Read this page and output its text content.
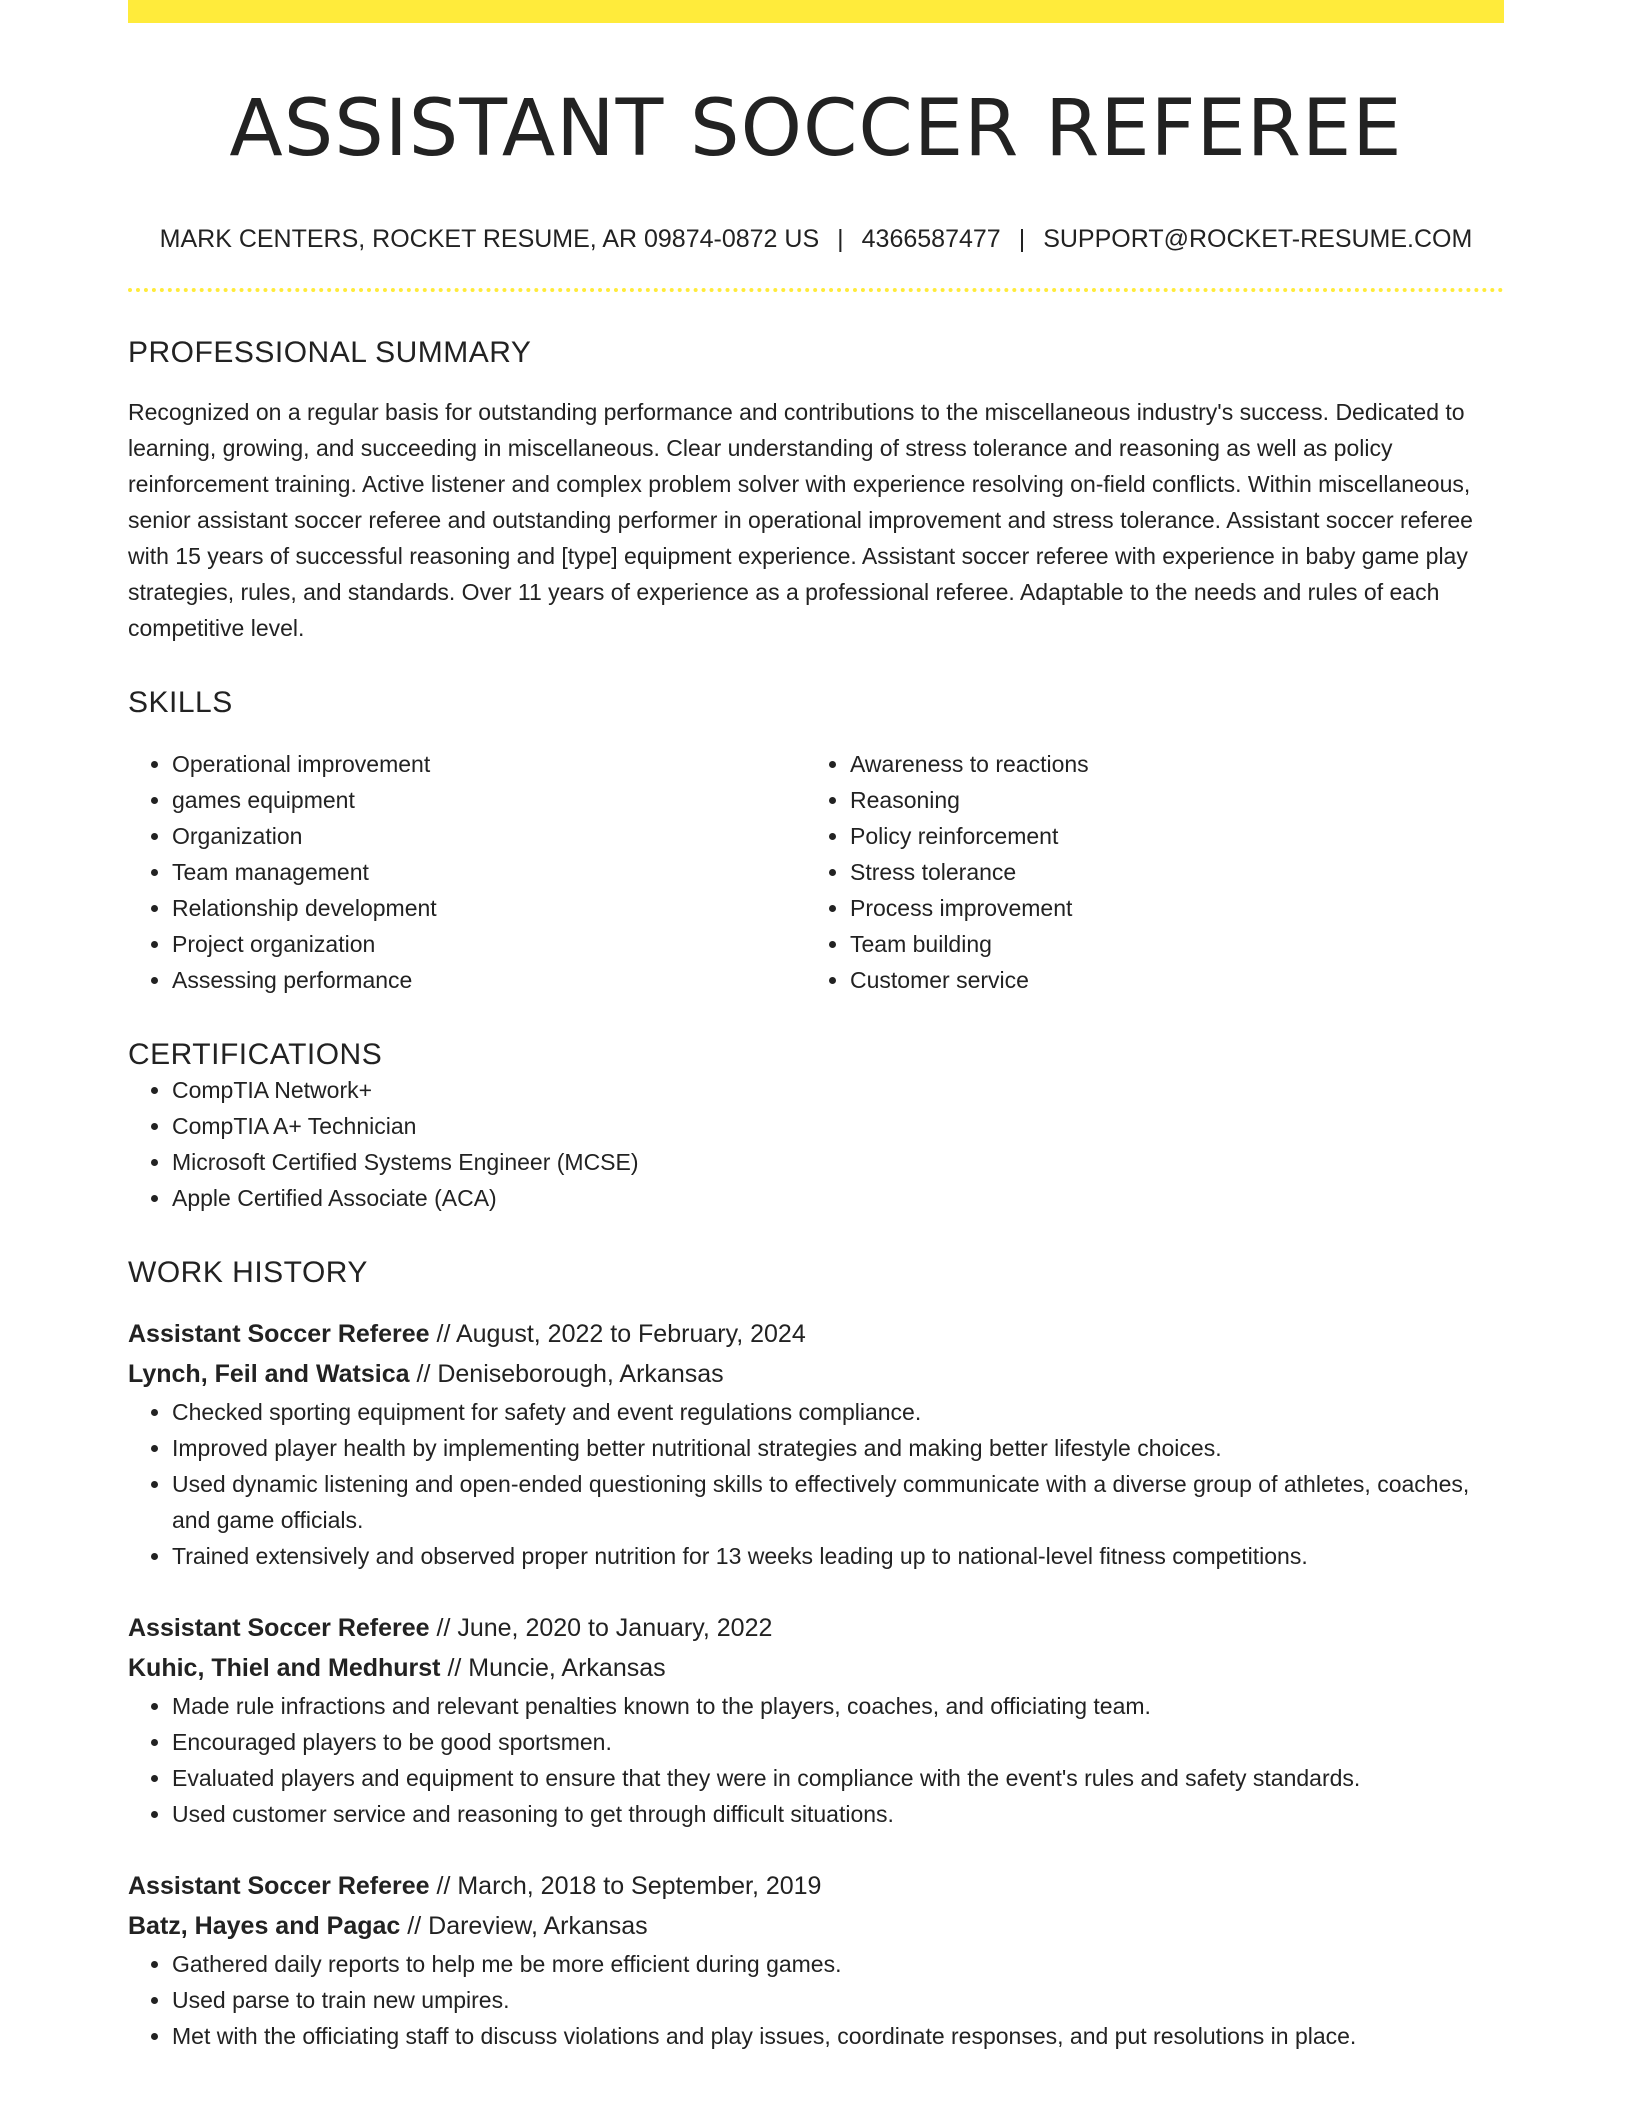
ASSISTANT SOCCER REFEREE
MARK CENTERS, ROCKET RESUME, AR 09874-0872 US | 4366587477 | SUPPORT@ROCKET-RESUME.COM
PROFESSIONAL SUMMARY
Recognized on a regular basis for outstanding performance and contributions to the miscellaneous industry's success. Dedicated to learning, growing, and succeeding in miscellaneous. Clear understanding of stress tolerance and reasoning as well as policy reinforcement training. Active listener and complex problem solver with experience resolving on-field conflicts. Within miscellaneous, senior assistant soccer referee and outstanding performer in operational improvement and stress tolerance. Assistant soccer referee with 15 years of successful reasoning and [type] equipment experience. Assistant soccer referee with experience in baby game play strategies, rules, and standards. Over 11 years of experience as a professional referee. Adaptable to the needs and rules of each competitive level.
SKILLS
• Operational improvement
• games equipment
• Organization
• Team management
• Relationship development
• Project organization
• Assessing performance
• Awareness to reactions
• Reasoning
• Policy reinforcement
• Stress tolerance
• Process improvement
• Team building
• Customer service
CERTIFICATIONS
• CompTIA Network+
• CompTIA A+ Technician
• Microsoft Certified Systems Engineer (MCSE)
• Apple Certified Associate (ACA)
WORK HISTORY
Assistant Soccer Referee // August, 2022 to February, 2024
Lynch, Feil and Watsica // Deniseborough, Arkansas
• Checked sporting equipment for safety and event regulations compliance.
• Improved player health by implementing better nutritional strategies and making better lifestyle choices.
• Used dynamic listening and open-ended questioning skills to effectively communicate with a diverse group of athletes, coaches, and game officials.
• Trained extensively and observed proper nutrition for 13 weeks leading up to national-level fitness competitions.
Assistant Soccer Referee // June, 2020 to January, 2022
Kuhic, Thiel and Medhurst // Muncie, Arkansas
• Made rule infractions and relevant penalties known to the players, coaches, and officiating team.
• Encouraged players to be good sportsmen.
• Evaluated players and equipment to ensure that they were in compliance with the event's rules and safety standards.
• Used customer service and reasoning to get through difficult situations.
Assistant Soccer Referee // March, 2018 to September, 2019
Batz, Hayes and Pagac // Dareview, Arkansas
• Gathered daily reports to help me be more efficient during games.
• Used parse to train new umpires.
• Met with the officiating staff to discuss violations and play issues, coordinate responses, and put resolutions in place.
